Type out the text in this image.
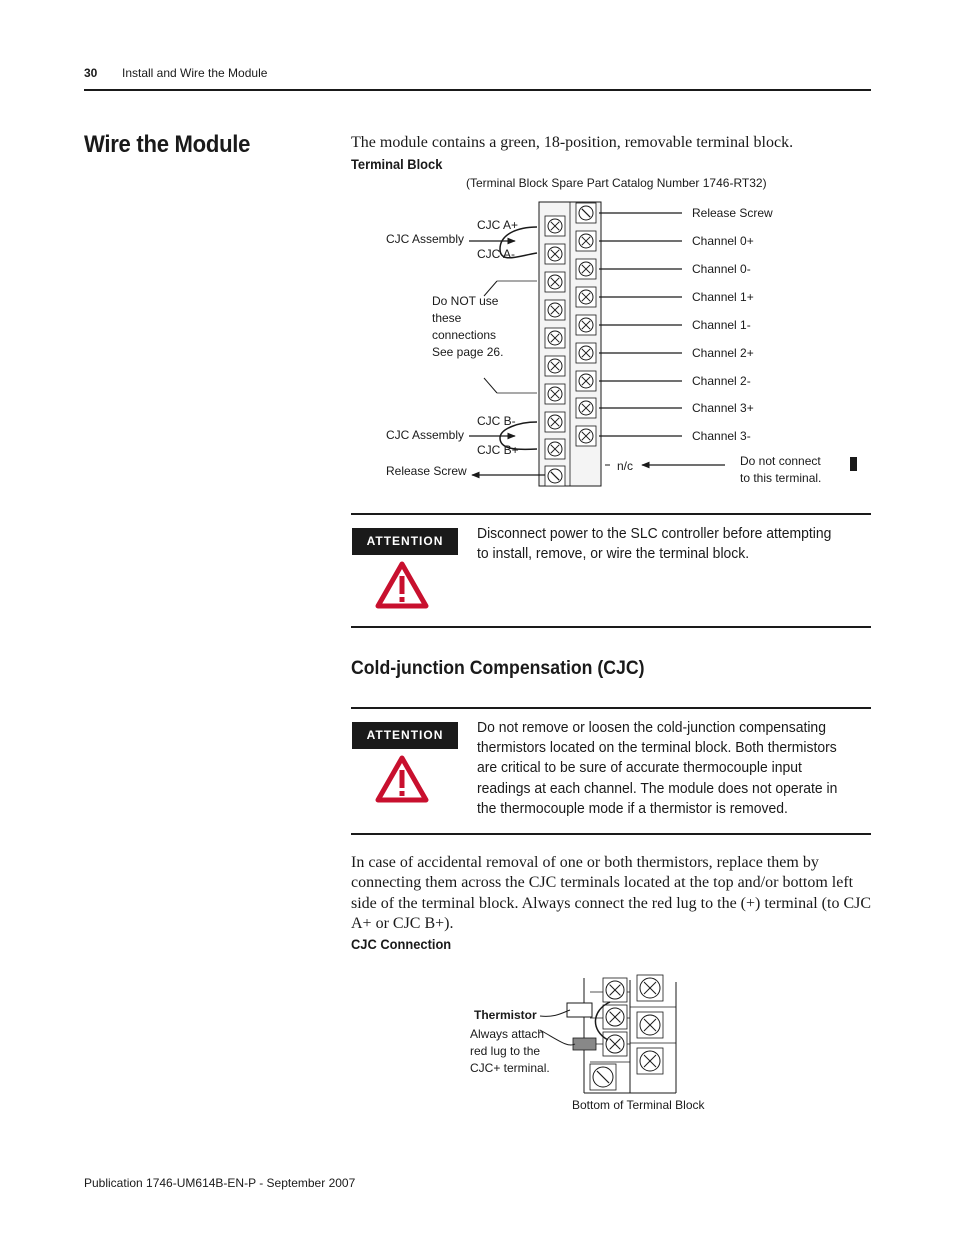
30 Install and Wire the Module
Wire the Module	The module contains a green, 18-position, removable terminal block.
Terminal Block
(Terminal Block Spare Part Catalog Number 1746-RT32)
Release Screw
Channel 0+
Channel 0-
Channel 1+
Channel 1-
Channel 2+
Channel 2-
Channel 3+
Channel 3-
CJC A+
CJC A-
CJC Assembly
Do NOT use
these
connections
See page 26.
CJC B-
CJC B+
CJC Assembly
Release Screw	n/c	Do not connect
to this terminal.
ATTENTION	Disconnect power to the SLC controller before attempting to install, remove, or wire the terminal block.
Cold-junction Compensation (CJC)
ATTENTION	Do not remove or loosen the cold-junction compensating thermistors located on the terminal block. Both thermistors are critical to be sure of accurate thermocouple input readings at each channel. The module does not operate in the thermocouple mode if a thermistor is removed.
In case of accidental removal of one or both thermistors, replace them by connecting them across the CJC terminals located at the top and/or bottom left side of the terminal block. Always connect the red lug to the (+) terminal (to CJC A+ or CJC B+).
CJC Connection
Thermistor
Always attach
red lug to the
CJC+ terminal.
Bottom of Terminal Block
Publication 1746-UM614B-EN-P - September 2007
